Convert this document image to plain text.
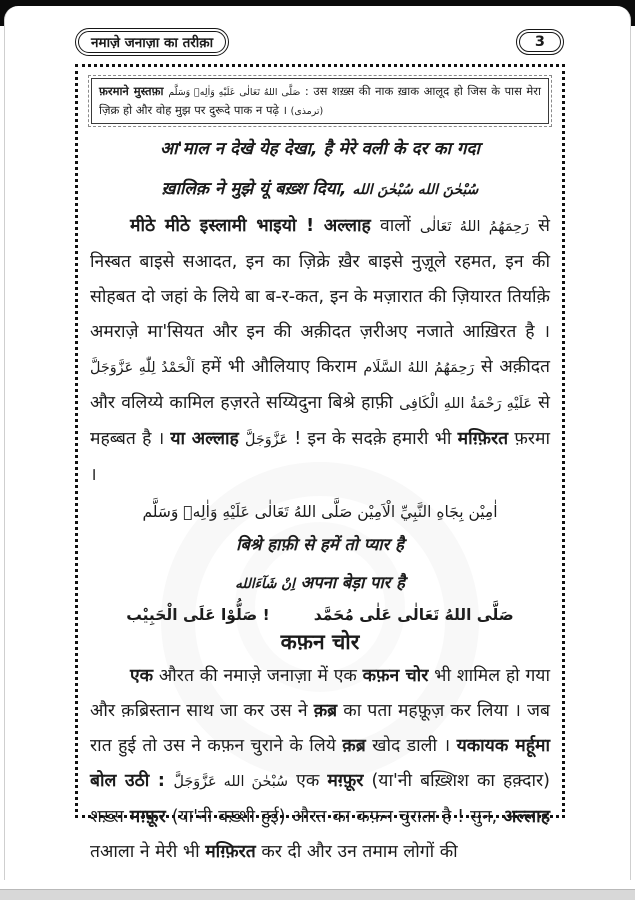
नमाज़े जनाज़ा का तरीक़ा	3
फ़रमाने मुस्तफ़ा صَلَّى اللهُ تَعَالٰى عَلَيْهِ وَاٰلِهٖ وَسَلَّم : उस शख़्स की नाक ख़ाक आलूद हो जिस के पास मेरा ज़िक्र हो और वोह मुझ पर दुरूदे पाक न पढ़े । (ترمذی)
आ'माल न देखे येह देखा, है मेरे वली के दर का गदा
ख़ालिक़ ने मुझे यूं बख़्श दिया, سُبْحٰنَ الله سُبْحٰنَ الله
मीठे मीठे इस्लामी भाइयो ! अल्लाह वालों رَحِمَهُمُ اللهُ تَعَالٰى से निस्बत बाइसे सआदत, इन का ज़िक्रे ख़ैर बाइसे नुज़ूले रहमत, इन की सोहबत दो जहां के लिये बा ब-र-कत, इन के मज़ारात की ज़ियारत तिर्याक़े अमराज़े मा'सियत और इन की अक़ीदत ज़रीअए नजाते आख़िरत है । اَلْحَمْدُ لِلّٰهِ عَزَّوَجَلَّ हमें भी औलियाए किराम رَحِمَهُمُ اللهُ السَّلَام से अक़ीदत और वलिय्ये कामिल हज़रते सय्यिदुना बिश्रे हाफ़ी عَلَيْهِ رَحْمَةُ اللهِ الْكَافِى से महब्बत है । या अल्लाह عَزَّوَجَلَّ ! इन के सदक़े हमारी भी मग़्फ़िरत फ़रमा ।
اٰمِيْن بِجَاهِ النَّبِيِّ الْاَمِيْن صَلَّى اللهُ تَعَالٰى عَلَيْهِ وَاٰلِهٖ وَسَلَّم
बिश्रे हाफ़ी से हमें तो प्यार है
اِنْ شَآءَالله अपना बेड़ा पार है
صَلُّوْا عَلَى الْحَبِيْب !	صَلَّى اللهُ تَعَالٰى عَلٰى مُحَمَّد
कफ़न चोर
एक औरत की नमाज़े जनाज़ा में एक कफ़न चोर भी शामिल हो गया और क़ब्रिस्तान साथ जा कर उस ने क़ब्र का पता महफ़ूज़ कर लिया । जब रात हुई तो उस ने कफ़न चुराने के लिये क़ब्र खोद डाली । यकायक मर्हूमा बोल उठी : سُبْحٰنَ الله عَزَّوَجَلَّ एक मग़्फ़ूर (या'नी बख़्शिश का हक़्दार) शख़्स मग़्फ़ूर (या'नी बख़्शी हुई) औरत का कफ़न चुराता है ! सुन, अल्लाह तआला ने मेरी भी मग़्फ़िरत कर दी और उन तमाम लोगों की
